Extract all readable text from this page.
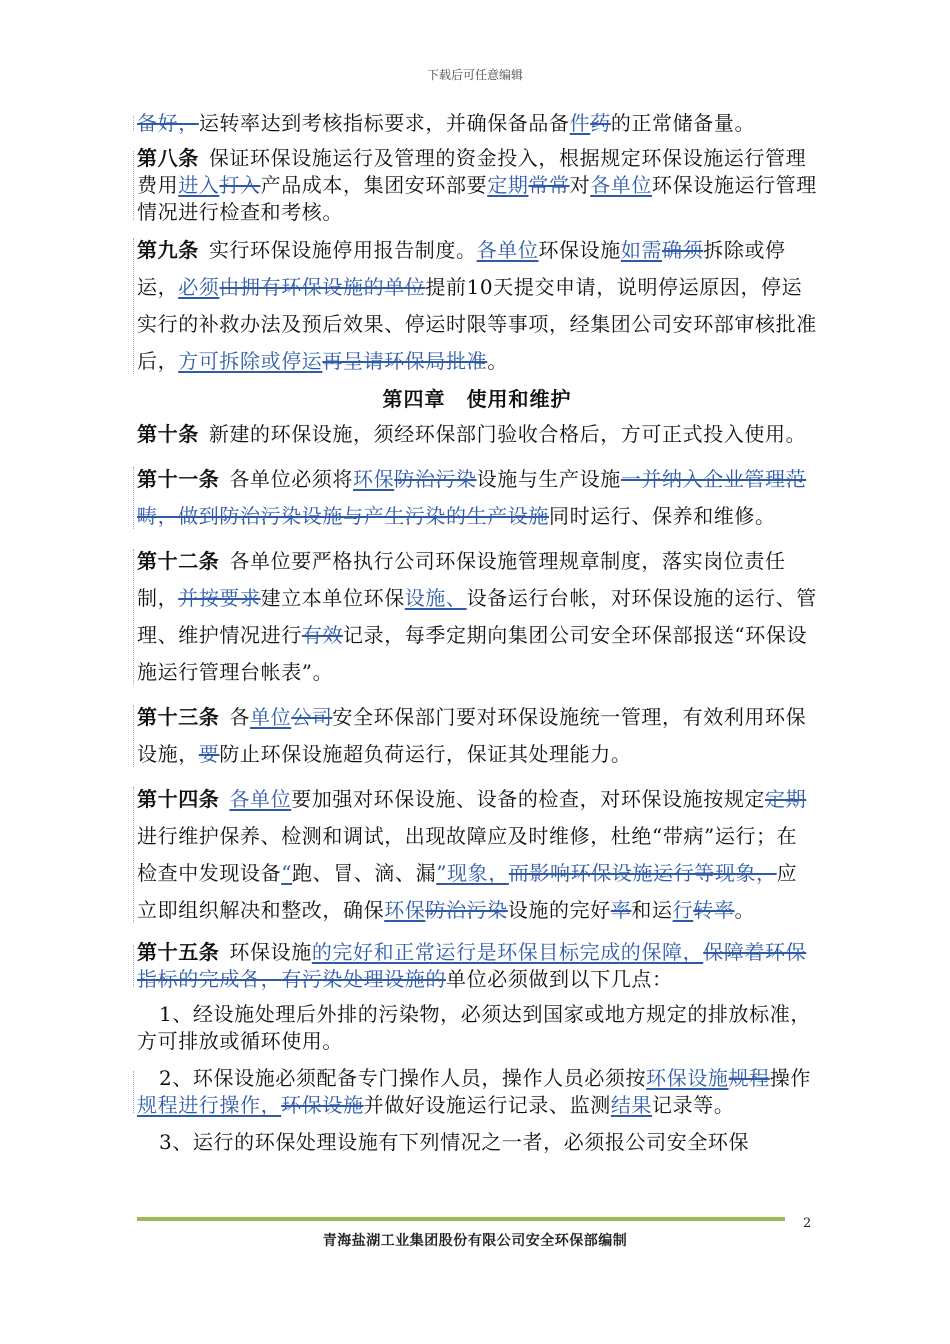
下载后可任意编辑

备好，运转率达到考核指标要求，并确保备品备件药的正常储备量。

第八条 保证环保设施运行及管理的资金投入，根据规定环保设施运行管理费用进入打入产品成本，集团安环部要定期常常对各单位环保设施运行管理情况进行检查和考核。

第九条 实行环保设施停用报告制度。各单位环保设施如需确须拆除或停运，必须由拥有环保设施的单位提前10天提交申请，说明停运原因，停运实行的补救办法及预后效果、停运时限等事项，经集团公司安环部审核批准后，方可拆除或停运再呈请环保局批准。

第四章　使用和维护

第十条 新建的环保设施，须经环保部门验收合格后，方可正式投入使用。

第十一条 各单位必须将环保防治污染设施与生产设施一并纳入企业管理范畴，做到防治污染设施与产生污染的生产设施同时运行、保养和维修。

第十二条 各单位要严格执行公司环保设施管理规章制度，落实岗位责任制，并按要求建立本单位环保设施、设备运行台帐，对环保设施的运行、管理、维护情况进行有效记录，每季定期向集团公司安全环保部报送“环保设施运行管理台帐表”。

第十三条 各单位公司安全环保部门要对环保设施统一管理，有效利用环保设施，要防止环保设施超负荷运行，保证其处理能力。

第十四条 各单位要加强对环保设施、设备的检查，对环保设施按规定定期进行维护保养、检测和调试，出现故障应及时维修，杜绝“带病”运行；在检查中发现设备“跑、冒、滴、漏”现象，而影响环保设施运行等现象，应立即组织解决和整改，确保环保防治污染设施的完好率和运行转率。

第十五条 环保设施的完好和正常运行是环保目标完成的保障，保障着环保指标的完成各，有污染处理设施的单位必须做到以下几点：

1、经设施处理后外排的污染物，必须达到国家或地方规定的排放标准，方可排放或循环使用。

2、环保设施必须配备专门操作人员，操作人员必须按环保设施规程操作规程进行操作，环保设施并做好设施运行记录、监测结果记录等。

3、运行的环保处理设施有下列情况之一者，必须报公司安全环保

2
青海盐湖工业集团股份有限公司安全环保部编制
